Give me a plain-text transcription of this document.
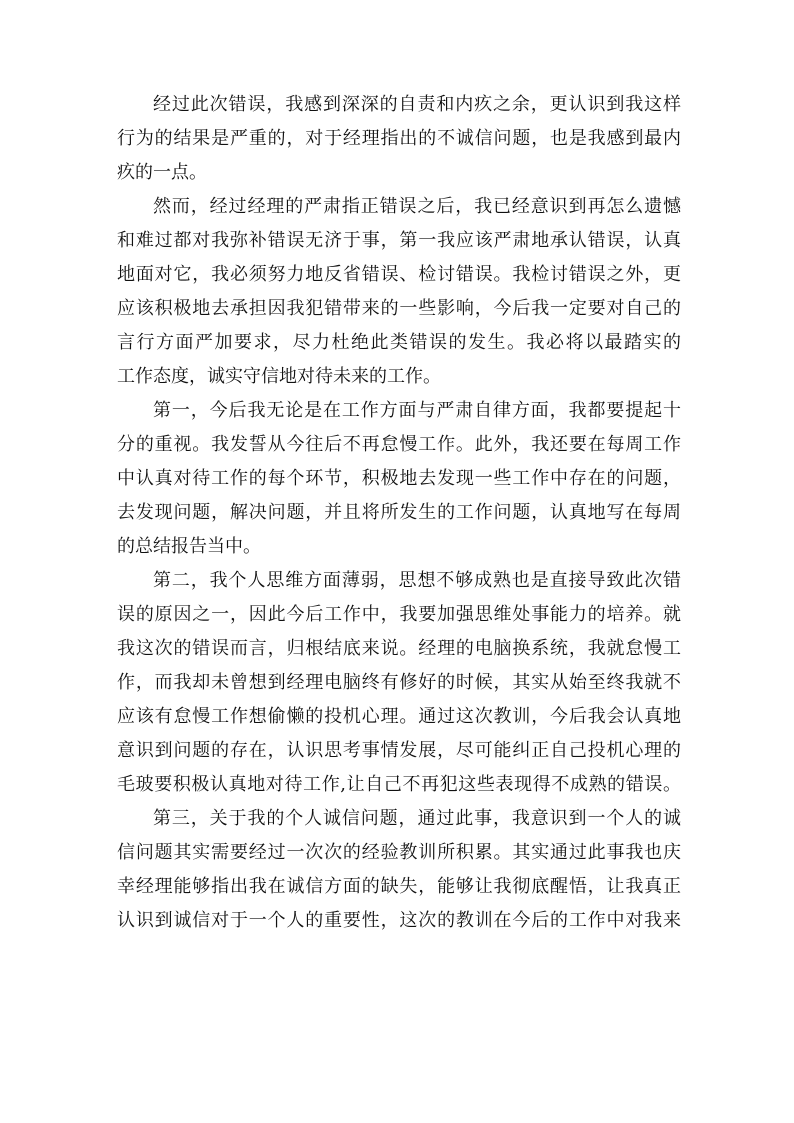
经过此次错误，我感到深深的自责和内疚之余，更认识到我这样
行为的结果是严重的，对于经理指出的不诚信问题，也是我感到最内
疚的一点。
然而，经过经理的严肃指正错误之后，我已经意识到再怎么遗憾
和难过都对我弥补错误无济于事，第一我应该严肃地承认错误，认真
地面对它，我必须努力地反省错误、检讨错误。我检讨错误之外，更
应该积极地去承担因我犯错带来的一些影响，今后我一定要对自己的
言行方面严加要求，尽力杜绝此类错误的发生。我必将以最踏实的
工作态度，诚实守信地对待未来的工作。
第一，今后我无论是在工作方面与严肃自律方面，我都要提起十
分的重视。我发誓从今往后不再怠慢工作。此外，我还要在每周工作
中认真对待工作的每个环节，积极地去发现一些工作中存在的问题，
去发现问题，解决问题，并且将所发生的工作问题，认真地写在每周
的总结报告当中。
第二，我个人思维方面薄弱，思想不够成熟也是直接导致此次错
误的原因之一，因此今后工作中，我要加强思维处事能力的培养。就
我这次的错误而言，归根结底来说。经理的电脑换系统，我就怠慢工
作，而我却未曾想到经理电脑终有修好的时候，其实从始至终我就不
应该有怠慢工作想偷懒的投机心理。通过这次教训，今后我会认真地
意识到问题的存在，认识思考事情发展，尽可能纠正自己投机心理的
毛玻要积极认真地对待工作,让自己不再犯这些表现得不成熟的错误。
第三，关于我的个人诚信问题，通过此事，我意识到一个人的诚
信问题其实需要经过一次次的经验教训所积累。其实通过此事我也庆
幸经理能够指出我在诚信方面的缺失，能够让我彻底醒悟，让我真正
认识到诚信对于一个人的重要性，这次的教训在今后的工作中对我来
